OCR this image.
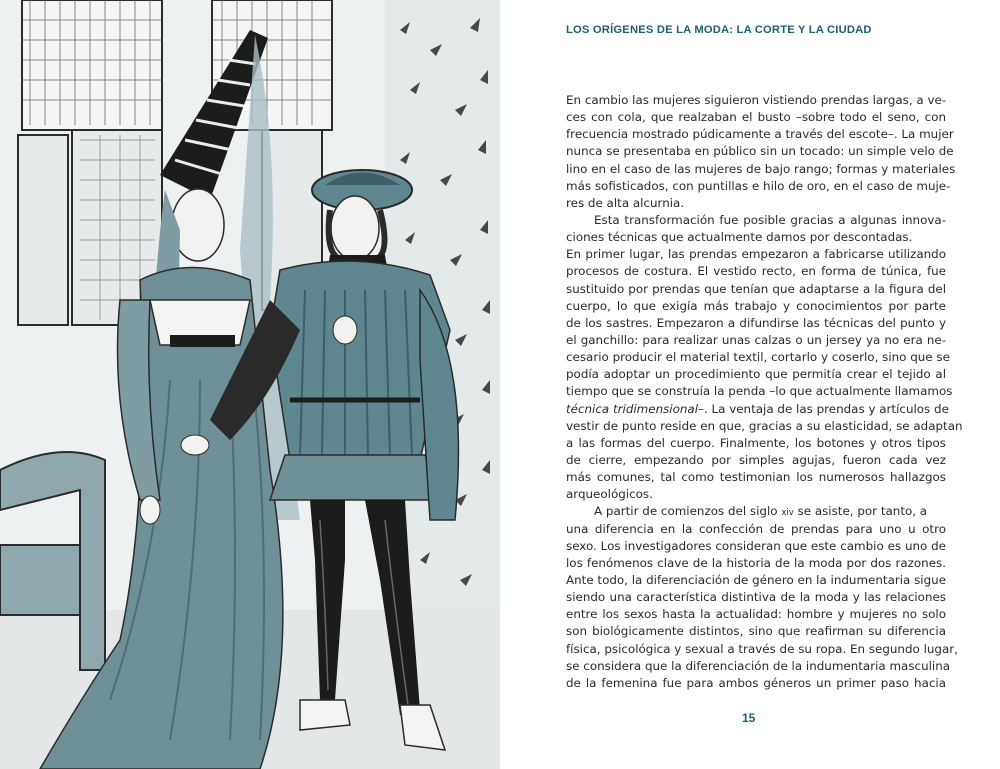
LOS ORÍGENES DE LA MODA: LA CORTE Y LA CIUDAD
En cambio las mujeres siguieron vistiendo prendas largas, a ve-
ces con cola, que realzaban el busto –sobre todo el seno, con
frecuencia mostrado púdicamente a través del escote–. La mujer
nunca se presentaba en público sin un tocado: un simple velo de
lino en el caso de las mujeres de bajo rango; formas y materiales
más sofisticados, con puntillas e hilo de oro, en el caso de muje-
res de alta alcurnia.
Esta transformación fue posible gracias a algunas innova-
ciones técnicas que actualmente damos por descontadas.
En primer lugar, las prendas empezaron a fabricarse utilizando
procesos de costura. El vestido recto, en forma de túnica, fue
sustituido por prendas que tenían que adaptarse a la figura del
cuerpo, lo que exigía más trabajo y conocimientos por parte
de los sastres. Empezaron a difundirse las técnicas del punto y
el ganchillo: para realizar unas calzas o un jersey ya no era ne-
cesario producir el material textil, cortarlo y coserlo, sino que se
podía adoptar un procedimiento que permitía crear el tejido al
tiempo que se construía la penda –lo que actualmente llamamos
técnica tridimensional–. La ventaja de las prendas y artículos de
vestir de punto reside en que, gracias a su elasticidad, se adaptan
a las formas del cuerpo. Finalmente, los botones y otros tipos
de cierre, empezando por simples agujas, fueron cada vez
más comunes, tal como testimonian los numerosos hallazgos
arqueológicos.
A partir de comienzos del siglo xiv se asiste, por tanto, a
una diferencia en la confección de prendas para uno u otro
sexo. Los investigadores consideran que este cambio es uno de
los fenómenos clave de la historia de la moda por dos razones.
Ante todo, la diferenciación de género en la indumentaria sigue
siendo una característica distintiva de la moda y las relaciones
entre los sexos hasta la actualidad: hombre y mujeres no solo
son biológicamente distintos, sino que reafirman su diferencia
física, psicológica y sexual a través de su ropa. En segundo lugar,
se considera que la diferenciación de la indumentaria masculina
de la femenina fue para ambos géneros un primer paso hacia
15
